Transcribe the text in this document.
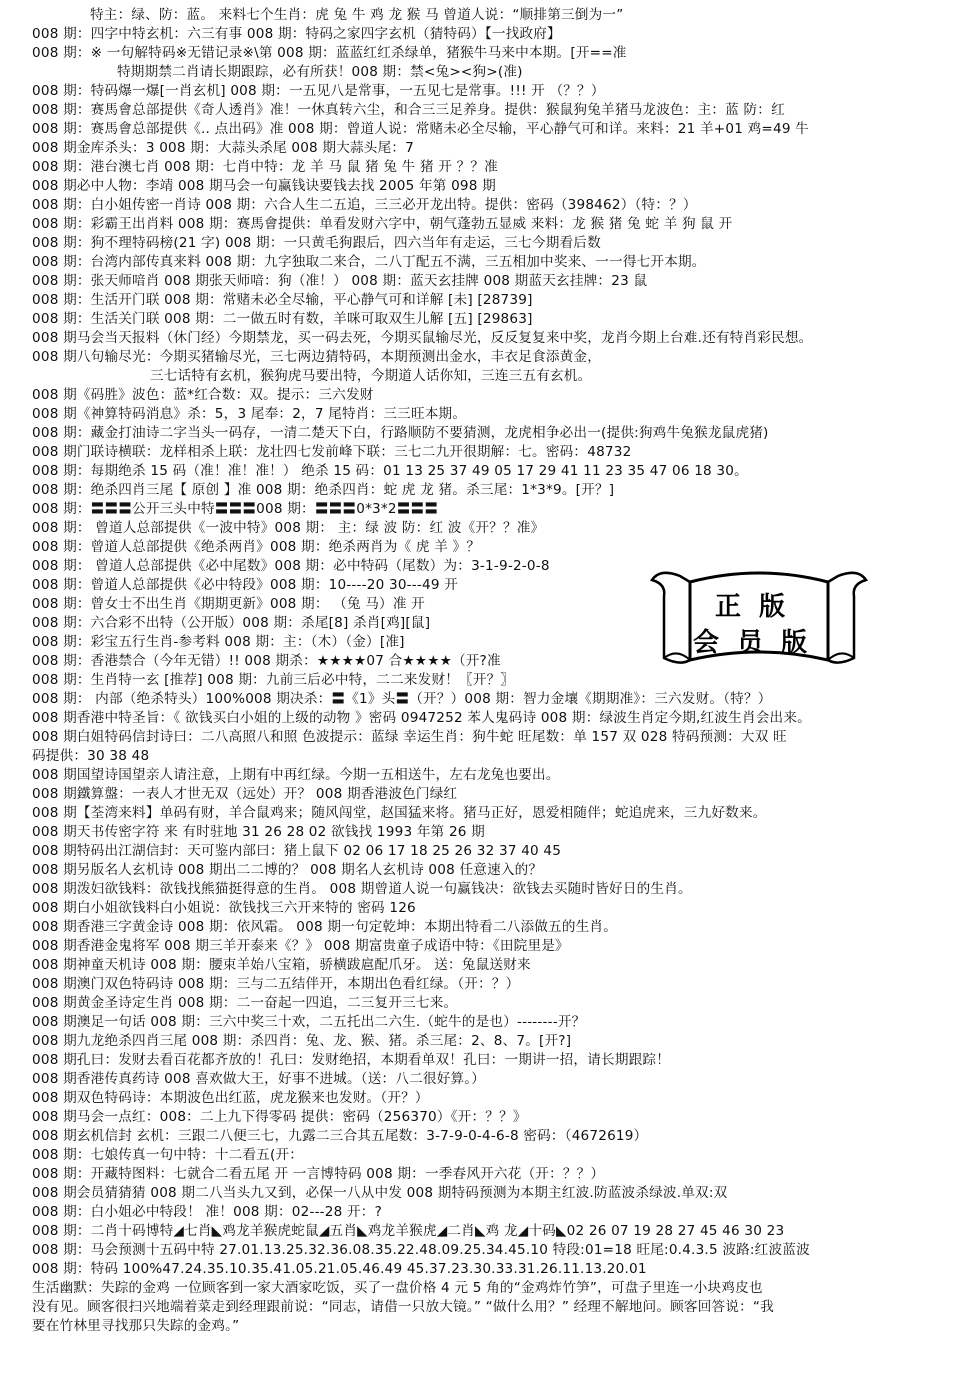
特主：绿、防：蓝。 来料七个生肖：虎 兔 牛 鸡 龙 猴 马 曾道人说：“顺排第三倒为一”
008 期：四字中特玄机：六三有事 008 期：特码之家四字玄机（猜特码）【一找政府】
008 期：※ 一句解特码※无错记录※\第 008 期：蓝蓝红红杀绿单，猪猴牛马来中本期。[开==准
特期期禁二肖请长期跟踪，必有所获！008 期：禁<兔><狗>(准)
008 期：特码爆一爆[一肖玄机] 008 期：一五见八是常事，一五见七是常事。!!! 开 （？？）
008 期：赛馬會总部提供《奇人透肖》准！一休真转六尘，和合三三足养身。提供：猴鼠狗兔羊猪马龙波色：主：蓝 防：红
008 期：赛馬會总部提供《.. 点出码》准 008 期：曾道人说：常赌未必全尽输，平心静气可和详。来料：21 羊+01 鸡=49 牛
008 期金库杀头：3 008 期：大蒜头杀尾 008 期大蒜头尾：7
008 期：港台澳七肖 008 期：七肖中特：龙 羊 马 鼠 猪 兔 牛 猪 开 ？？准
008 期必中人物：李靖 008 期马会一句赢钱诀要钱去找 2005 年第 098 期
008 期：白小姐传密一肖诗 008 期：六合人生二五追，三三必开龙出特。提供：密码（398462）（特：？）
008 期：彩霸王出肖料 008 期：赛馬會提供：单看发财六字中，朝气蓬勃五显威 来料：龙 猴 猪 兔 蛇 羊 狗 鼠 开
008 期：狗不理特码榜(21 字) 008 期：一只黄毛狗跟后，四六当年有走运，三七今期看后数
008 期：台湾内部传真来料 008 期：九字独取二来合，二八丁配五不满，三五相加中奖来、一一得七开本期。
008 期：张天师喑肖 008 期张天师喑：狗（准！） 008 期：蓝天玄挂牌 008 期蓝天玄挂牌：23 鼠
008 期：生活开门联 008 期：常赌未必全尽输，平心静气可和详解 [未] [28739]
008 期：生活关门联 008 期：二一做五时有数，羊咪可取双生儿解 [五] [29863]
008 期马会当天报料（休门经）今期禁龙，买一码去死，今期买鼠输尽光，反反复复来中奖，龙肖今期上台难.还有特肖彩民想。
008 期八句输尽光：今期买猪输尽光，三七两边猜特码，本期预测出金水，丰衣足食添黄金，
三七话特有玄机，猴狗虎马要出特，今期道人话你知，三连三五有玄机。
008 期《码胜》波色：蓝*红合数：双。提示：三六发财
008 期《神算特码消息》杀：5，3 尾奉：2，7 尾特肖：三三旺本期。
008 期：藏金打油诗二字当头一码存，一清二楚天下白，行路顺防不要猜测，龙虎相争必出一(提供:狗鸡牛兔猴龙鼠虎猪)
008 期门联诗横联：龙样相杀上联：龙壮四七发前峰下联：三七二九开很期解：七。密码：48732
008 期：每期绝杀 15 码（准！准！准！） 绝杀 15 码：01 13 25 37 49 05 17 29 41 11 23 35 47 06 18 30。
008 期：绝杀四肖三尾【 原创 】准 008 期：绝杀四肖：蛇 虎 龙 猪。杀三尾：1*3*9。[开？]
008 期：〓〓〓公开三头中特〓〓〓008 期：〓〓〓0*3*2〓〓〓
008 期： 曾道人总部提供《一波中特》008 期： 主：绿 波 防：红 波《开？？准》
008 期：曾道人总部提供《绝杀两肖》008 期：绝杀两肖为《 虎 羊 》？
008 期： 曾道人总部提供《必中尾数》008 期：必中特码（尾数）为：3-1-9-2-0-8
008 期：曾道人总部提供《必中特段》008 期：10----20 30---49 开
008 期：曾女士不出生肖《期期更新》008 期： （兔 马）准 开
008 期：六合彩不出特（公开版）008 期：杀尾[8] 杀肖[鸡][鼠]
008 期：彩宝五行生肖-参考料 008 期：主：（木）（金）[准]
008 期：香港禁合（今年无错）!! 008 期杀：★★★★07 合★★★★（开?准
008 期：生肖特一玄 [推荐] 008 期：九前三后必中特，二二来发财！〖开？〗
008 期： 内部（绝杀特头）100%008 期决杀：〓《1》头〓（开？）008 期：智力金壤《期期准》：三六发财。（特？）
008 期香港中特圣旨：《 欲钱买白小姐的上级的动物 》密码 0947252 苯人鬼码诗 008 期：绿波生肖定今期,红波生肖会出来。
008 期白姐特码信封诗曰：二八高照八和照 色波提示：蓝绿 幸运生肖：狗牛蛇 旺尾数：单 157 双 028 特码预测：大双 旺
码提供：30 38 48
008 期国望诗国望亲人请注意，上期有中再红绿。今期一五相送牛，左右龙兔也要出。
008 期鐵算盤：一表人才世无双（远处）开？ 008 期香港波色门绿红
008 期【荃湾来料】单码有财，羊合鼠鸡来；随风闯堂，赵国猛来将。猪马正好，恩爱相随伴；蛇追虎来，三九好数来。
008 期天书传密字符 来 有时驻地 31 26 28 02 欲钱找 1993 年第 26 期
008 期特码出江湖信封：天可鉴内部曰：猪上鼠下 02 06 17 18 25 26 32 37 40 45
008 期另版名人玄机诗 008 期出二二博的？ 008 期名人玄机诗 008 任意速入的？
008 期泼妇欲钱料：欲钱找熊猫挺得意的生肖。 008 期曾道人说一句赢钱决：欲钱去买随时皆好日的生肖。
008 期白小姐欲钱料白小姐说：欲钱找三六开来特的 密码 126
008 期香港三字黄金诗 008 期：依风霜。 008 期一句定乾坤：本期出特看二八添做五的生肖。
008 期香港金鬼将军 008 期三羊开泰来《？》 008 期富贵童子成语中特：《田院里是》
008 期神童天机诗 008 期：腰束羊始八宝箱，骄横跋扈配爪牙。 送：兔鼠送财来
008 期澳门双色特码诗 008 期：三与二五结伴开，本期出色看红绿。（开：？）
008 期黄金圣诗定生肖 008 期：二一奋起一四追，二三复开三七来。
008 期澳足一句话 008 期：三六中奖三十欢，二五托出二六生.（蛇牛的是也）--------开？
008 期九龙绝杀四肖三尾 008 期：杀四肖：兔、龙、猴、猪。杀三尾：2、8、7。[开?]
008 期孔曰：发财去看百花都齐放的！孔曰：发财绝招，本期看单双！孔曰：一期讲一招，请长期跟踪！
008 期香港传真药诗 008 喜欢做大王，好事不进城。（送：八二很好算。）
008 期双色特码诗：本期波色出红蓝，虎龙猴来也发财。（开？）
008 期马会一点红：008：二上九下得零码 提供：密码（256370）《开：？？》
008 期玄机信封 玄机：三跟二八便三七，九露二三合其五尾数：3-7-9-0-4-6-8 密码：（4672619）
008 期：七娘传真一句中特：十二看五(开：
008 期：开藏特图料：七就合二看五尾 开 一言博特码 008 期：一季春风开六花（开：？？）
008 期会员猜猜猜 008 期二八当头九又到，必保一八从中发 008 期特码预测为本期主红波.防蓝波杀绿波.单双:双
008 期：白小姐必中特段！ 准！008 期：02---28 开：?
008 期：二肖十码博特◢七肖◣鸡龙羊猴虎蛇鼠◢五肖◣鸡龙羊猴虎◢二肖◣鸡 龙◢十码◣02 26 07 19 28 27 45 46 30 23
008 期：马会预测十五码中特 27.01.13.25.32.36.08.35.22.48.09.25.34.45.10 特段:01=18 旺尾:0.4.3.5 波路:红波蓝波
008 期：特码 100%47.24.35.10.35.41.05.21.05.46.49 45.37.23.30.33.31.26.11.13.20.01
生活幽默：失踪的金鸡 一位顾客到一家大酒家吃饭，买了一盘价格 4 元 5 角的“金鸡炸竹笋”，可盘子里连一小块鸡皮也
没有见。顾客很扫兴地端着菜走到经理跟前说：“同志，请借一只放大镜。” “做什么用？” 经理不解地问。顾客回答说：“我
要在竹林里寻找那只失踪的金鸡。”
正版
会员版
